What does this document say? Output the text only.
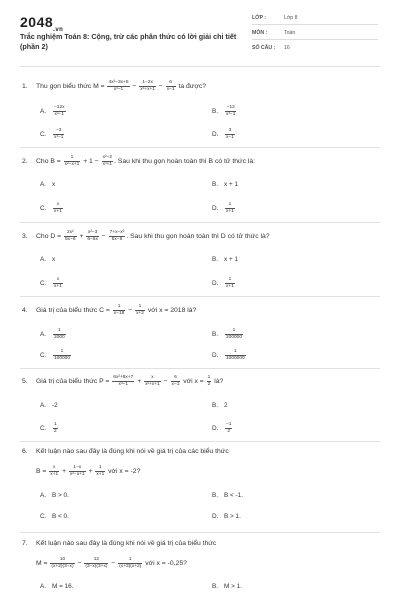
$2048_{.vn}$
Trắc nghiệm Toán 8: Cộng, trừ các phân thức có lời giải chi tiết (phần 2)
LỚP :	Lớp 8
MÔN :	Toán
SỐ CÂU : 16
1. Thu gọn biểu thức $M = \frac{\text{4x²−3x+5}}{\text{x³−1}} - \frac{1-2x}{\text{x²+x+1}} - \frac{6}{x-1}$ ta được?
A. $\frac{-12x}{\text{x³−1}}$	B. $\frac{-12}{\text{x³−1}}$
C. $\frac{-3}{\text{x³−1}}$	D. $\frac{3}{x-1}$
2. Cho $B = \frac{1}{\text{x²−x+1}} + 1 - \frac{\text{x²−2}}{\text{x³+1}}$ . Sau khi thu gọn hoàn toàn thì B có tử thức là:
A. x	B. x + 1
C. $\frac{x}{x+1}$	D. $\frac{1}{x+1}$
3. Cho $D = \frac{\text{2x²}}{5x-6} + \frac{\text{x²−3}}{6-5x} - \frac{\text{7+x−x²}}{5x-6}$ . Sau khi thu gọn hoàn toàn thì D có tử thức là?
A. x	B. x + 1
C. $\frac{x}{x+1}$	D. $\frac{1}{x+1}$
4. Giá trị của biểu thức $C = \frac{1}{x-18} - \frac{1}{x+2}$ với x = 2018 là?
A. $\frac{1}{2000}$	B. $\frac{1}{200000}$
C. $\frac{1}{100000}$	D. $\frac{1}{1000000}$
5. Giá trị của biểu thức $P = \frac{\text{6x²+8x+7}}{\text{x³−1}} + \frac{x}{\text{x²+x+1}} - \frac{6}{x-1}$ với $x = \frac{1}{2}$ là?
A. -2	B. 2
C. $\frac{1}{2}$	D. $\frac{-1}{2}$
6. Kết luận nào sau đây là đúng khi nói về giá trị của các biểu thức
$B = \frac{x}{x+1} + \frac{1-x}{\text{x²−x+1}} + \frac{1}{x+1}$ với x = -2?
A. B > 0.	B. B < -1.
C. B < 0.	D. B > 1.
7. Kết luận nào sau đây là đúng khi nói về giá trị của biểu thức
$M = \frac{10}{(x+2)(3-x)} - \frac{12}{(3-x)(3+x)} - \frac{1}{(x+3)(x+2)}$ với x = -0,25?
A. M = 16.	B. M > 1.
